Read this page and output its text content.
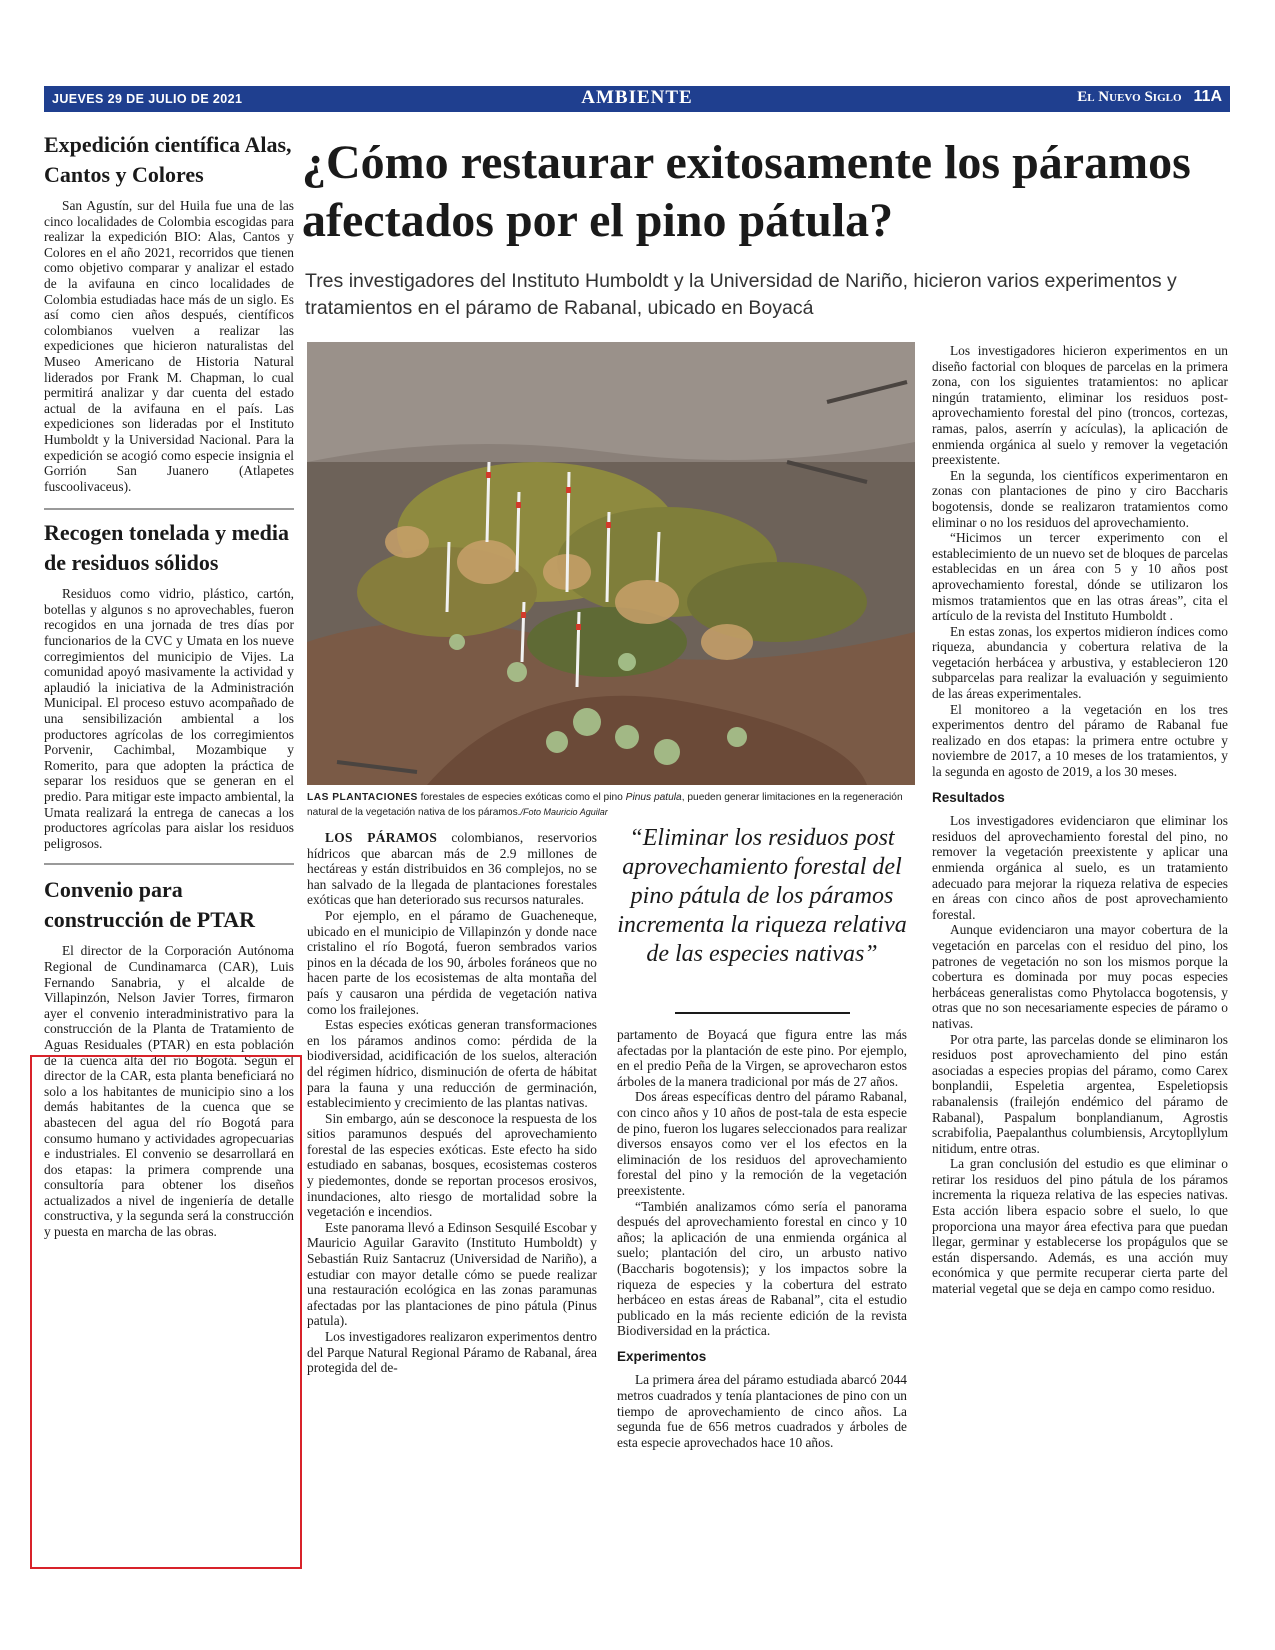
JUEVES 29 DE JULIO DE 2021	AMBIENTE	El Nuevo Siglo 11A
Expedición científica Alas, Cantos y Colores

San Agustín, sur del Huila fue una de las cinco localidades de Colombia escogidas para realizar la expedición BIO: Alas, Cantos y Colores en el año 2021, recorridos que tienen como objetivo comparar y analizar el estado de la avifauna en cinco localidades de Colombia estudiadas hace más de un siglo. Es así como cien años después, científicos colombianos vuelven a realizar las expediciones que hicieron naturalistas del Museo Americano de Historia Natural liderados por Frank M. Chapman, lo cual permitirá analizar y dar cuenta del estado actual de la avifauna en el país. Las expediciones son lideradas por el Instituto Humboldt y la Universidad Nacional. Para la expedición se acogió como especie insignia el Gorrión San Juanero (Atlapetes fuscoolivaceus).

Recogen tonelada y media de residuos sólidos

Residuos como vidrio, plástico, cartón, botellas y algunos s no aprovechables, fueron recogidos en una jornada de tres días por funcionarios de la CVC y Umata en los nueve corregimientos del municipio de Vijes. La comunidad apoyó masivamente la actividad y aplaudió la iniciativa de la Administración Municipal. El proceso estuvo acompañado de una sensibilización ambiental a los productores agrícolas de los corregimientos Porvenir, Cachimbal, Mozambique y Romerito, para que adopten la práctica de separar los residuos que se generan en el predio. Para mitigar este impacto ambiental, la Umata realizará la entrega de canecas a los productores agrícolas para aislar los residuos peligrosos.

Convenio para construcción de PTAR

El director de la Corporación Autónoma Regional de Cundinamarca (CAR), Luis Fernando Sanabria, y el alcalde de Villapinzón, Nelson Javier Torres, firmaron ayer el convenio interadministrativo para la construcción de la Planta de Tratamiento de Aguas Residuales (PTAR) en esta población de la cuenca alta del río Bogotá. Según el director de la CAR, esta planta beneficiará no solo a los habitantes de municipio sino a los demás habitantes de la cuenca que se abastecen del agua del río Bogotá para consumo humano y actividades agropecuarias e industriales. El convenio se desarrollará en dos etapas: la primera comprende una consultoría para obtener los diseños actualizados a nivel de ingeniería de detalle constructiva, y la segunda será la construcción y puesta en marcha de las obras.

¿Cómo restaurar exitosamente los páramos afectados por el pino pátula?
Tres investigadores del Instituto Humboldt y la Universidad de Nariño, hicieron varios experimentos y tratamientos en el páramo de Rabanal, ubicado en Boyacá
LAS PLANTACIONES forestales de especies exóticas como el pino Pinus patula, pueden generar limitaciones en la regeneración natural de la vegetación nativa de los páramos./Foto Mauricio Aguilar

LOS PÁRAMOS colombianos, reservorios hídricos que abarcan más de 2.9 millones de hectáreas y están distribuidos en 36 complejos, no se han salvado de la llegada de plantaciones forestales exóticas que han deteriorado sus recursos naturales.

Por ejemplo, en el páramo de Guacheneque, ubicado en el municipio de Villapinzón y donde nace cristalino el río Bogotá, fueron sembrados varios pinos en la década de los 90, árboles foráneos que no hacen parte de los ecosistemas de alta montaña del país y causaron una pérdida de vegetación nativa como los frailejones.

Estas especies exóticas generan transformaciones en los páramos andinos como: pérdida de la biodiversidad, acidificación de los suelos, alteración del régimen hídrico, disminución de oferta de hábitat para la fauna y una reducción de germinación, establecimiento y crecimiento de las plantas nativas.

Sin embargo, aún se desconoce la respuesta de los sitios paramunos después del aprovechamiento forestal de las especies exóticas. Este efecto ha sido estudiado en sabanas, bosques, ecosistemas costeros y piedemontes, donde se reportan procesos erosivos, inundaciones, alto riesgo de mortalidad sobre la vegetación e incendios.

Este panorama llevó a Edinson Sesquilé Escobar y Mauricio Aguilar Garavito (Instituto Humboldt) y Sebastián Ruiz Santacruz (Universidad de Nariño), a estudiar con mayor detalle cómo se puede realizar una restauración ecológica en las zonas paramunas afectadas por las plantaciones de pino pátula (Pinus patula).

Los investigadores realizaron experimentos dentro del Parque Natural Regional Páramo de Rabanal, área protegida del de-

“Eliminar los residuos post aprovechamiento forestal del pino pátula de los páramos incrementa la riqueza relativa de las especies nativas”

partamento de Boyacá que figura entre las más afectadas por la plantación de este pino. Por ejemplo, en el predio Peña de la Virgen, se aprovecharon estos árboles de la manera tradicional por más de 27 años.

Dos áreas específicas dentro del páramo Rabanal, con cinco años y 10 años de post-tala de esta especie de pino, fueron los lugares seleccionados para realizar diversos ensayos como ver el los efectos en la eliminación de los residuos del aprovechamiento forestal del pino y la remoción de la vegetación preexistente.

“También analizamos cómo sería el panorama después del aprovechamiento forestal en cinco y 10 años; la aplicación de una enmienda orgánica al suelo; plantación del ciro, un arbusto nativo (Baccharis bogotensis); y los impactos sobre la riqueza de especies y la cobertura del estrato herbáceo en estas áreas de Rabanal”, cita el estudio publicado en la más reciente edición de la revista Biodiversidad en la práctica.

Experimentos

La primera área del páramo estudiada abarcó 2044 metros cuadrados y tenía plantaciones de pino con un tiempo de aprovechamiento de cinco años. La segunda fue de 656 metros cuadrados y árboles de esta especie aprovechados hace 10 años.

Los investigadores hicieron experimentos en un diseño factorial con bloques de parcelas en la primera zona, con los siguientes tratamientos: no aplicar ningún tratamiento, eliminar los residuos post-aprovechamiento forestal del pino (troncos, cortezas, ramas, palos, aserrín y acículas), la aplicación de enmienda orgánica al suelo y remover la vegetación preexistente.

En la segunda, los científicos experimentaron en zonas con plantaciones de pino y ciro Baccharis bogotensis, donde se realizaron tratamientos como eliminar o no los residuos del aprovechamiento.

“Hicimos un tercer experimento con el establecimiento de un nuevo set de bloques de parcelas establecidas en un área con 5 y 10 años post aprovechamiento forestal, dónde se utilizaron los mismos tratamientos que en las otras áreas”, cita el artículo de la revista del Instituto Humboldt .

En estas zonas, los expertos midieron índices como riqueza, abundancia y cobertura relativa de la vegetación herbácea y arbustiva, y establecieron 120 subparcelas para realizar la evaluación y seguimiento de las áreas experimentales.

El monitoreo a la vegetación en los tres experimentos dentro del páramo de Rabanal fue realizado en dos etapas: la primera entre octubre y noviembre de 2017, a 10 meses de los tratamientos, y la segunda en agosto de 2019, a los 30 meses.

Resultados

Los investigadores evidenciaron que eliminar los residuos del aprovechamiento forestal del pino, no remover la vegetación preexistente y aplicar una enmienda orgánica al suelo, es un tratamiento adecuado para mejorar la riqueza relativa de especies en áreas con cinco años de post aprovechamiento forestal.

Aunque evidenciaron una mayor cobertura de la vegetación en parcelas con el residuo del pino, los patrones de vegetación no son los mismos porque la cobertura es dominada por muy pocas especies herbáceas generalistas como Phytolacca bogotensis, y otras que no son necesariamente especies de páramo o nativas.

Por otra parte, las parcelas donde se eliminaron los residuos post aprovechamiento del pino están asociadas a especies propias del páramo, como Carex bonplandii, Espeletia argentea, Espeletiopsis rabanalensis (frailejón endémico del páramo de Rabanal), Paspalum bonplandianum, Agrostis scrabifolia, Paepalanthus columbiensis, Arcytopllylum nitidum, entre otras.

La gran conclusión del estudio es que eliminar o retirar los residuos del pino pátula de los páramos incrementa la riqueza relativa de las especies nativas. Esta acción libera espacio sobre el suelo, lo que proporciona una mayor área efectiva para que puedan llegar, germinar y establecerse los propágulos que se están dispersando. Además, es una acción muy económica y que permite recuperar cierta parte del material vegetal que se deja en campo como residuo.
